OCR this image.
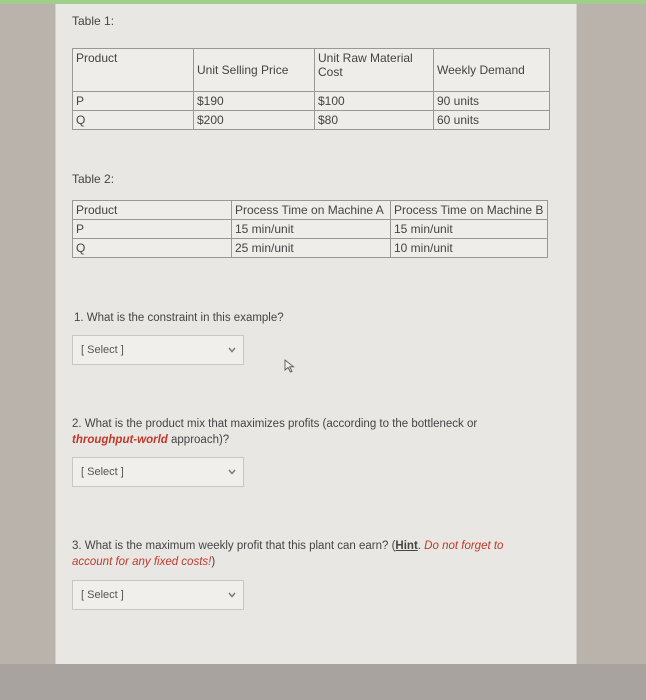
Table 1:
Product	Unit Selling Price	Unit Raw Material Cost	Weekly Demand
P	$190	$100	90 units
Q	$200	$80	60 units
Table 2:
Product	Process Time on Machine A	Process Time on Machine B
P	15 min/unit	15 min/unit
Q	25 min/unit	10 min/unit
1. What is the constraint in this example?
[ Select ]
2. What is the product mix that maximizes profits (according to the bottleneck or
throughput-world approach)?
[ Select ]
3. What is the maximum weekly profit that this plant can earn? (Hint. Do not forget to
account for any fixed costs!)
[ Select ]
